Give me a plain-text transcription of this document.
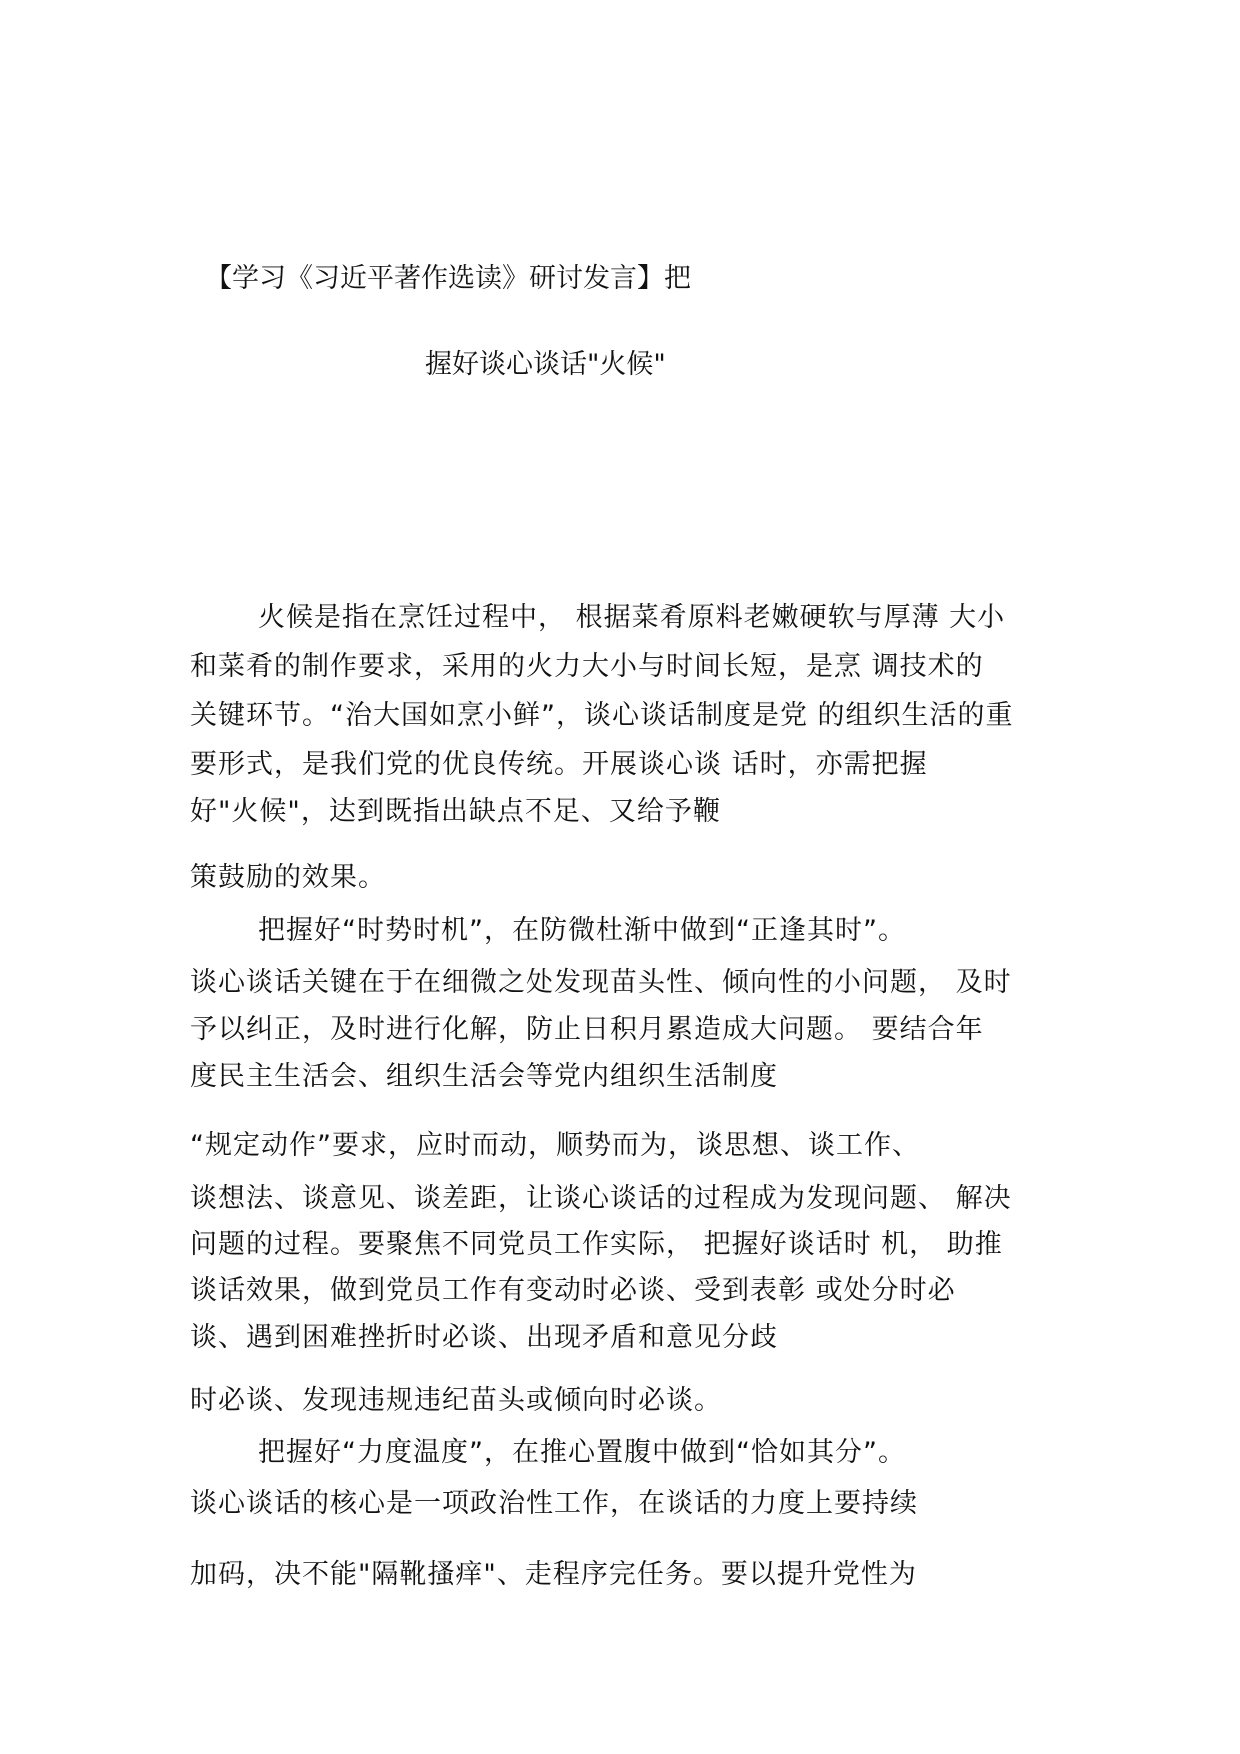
【学习《习近平著作选读》研讨发言】把
握好谈心谈话"火候"
火候是指在烹饪过程中， 根据菜肴原料老嫩硬软与厚薄 大小
和菜肴的制作要求，采用的火力大小与时间长短，是烹 调技术的
关键环节。“治大国如烹小鲜”，谈心谈话制度是党 的组织生活的重
要形式，是我们党的优良传统。开展谈心谈 话时，亦需把握
好"火候"，达到既指出缺点不足、又给予鞭
策鼓励的效果。
把握好“时势时机”，在防微杜渐中做到“正逢其时”。
谈心谈话关键在于在细微之处发现苗头性、倾向性的小问题， 及时
予以纠正，及时进行化解，防止日积月累造成大问题。 要结合年
度民主生活会、组织生活会等党内组织生活制度
“规定动作”要求，应时而动，顺势而为，谈思想、谈工作、
谈想法、谈意见、谈差距，让谈心谈话的过程成为发现问题、 解决
问题的过程。要聚焦不同党员工作实际， 把握好谈话时 机， 助推
谈话效果，做到党员工作有变动时必谈、受到表彰 或处分时必
谈、遇到困难挫折时必谈、出现矛盾和意见分歧
时必谈、发现违规违纪苗头或倾向时必谈。
把握好“力度温度”，在推心置腹中做到“恰如其分”。
谈心谈话的核心是一项政治性工作，在谈话的力度上要持续
加码，决不能"隔靴搔痒"、走程序完任务。要以提升党性为
